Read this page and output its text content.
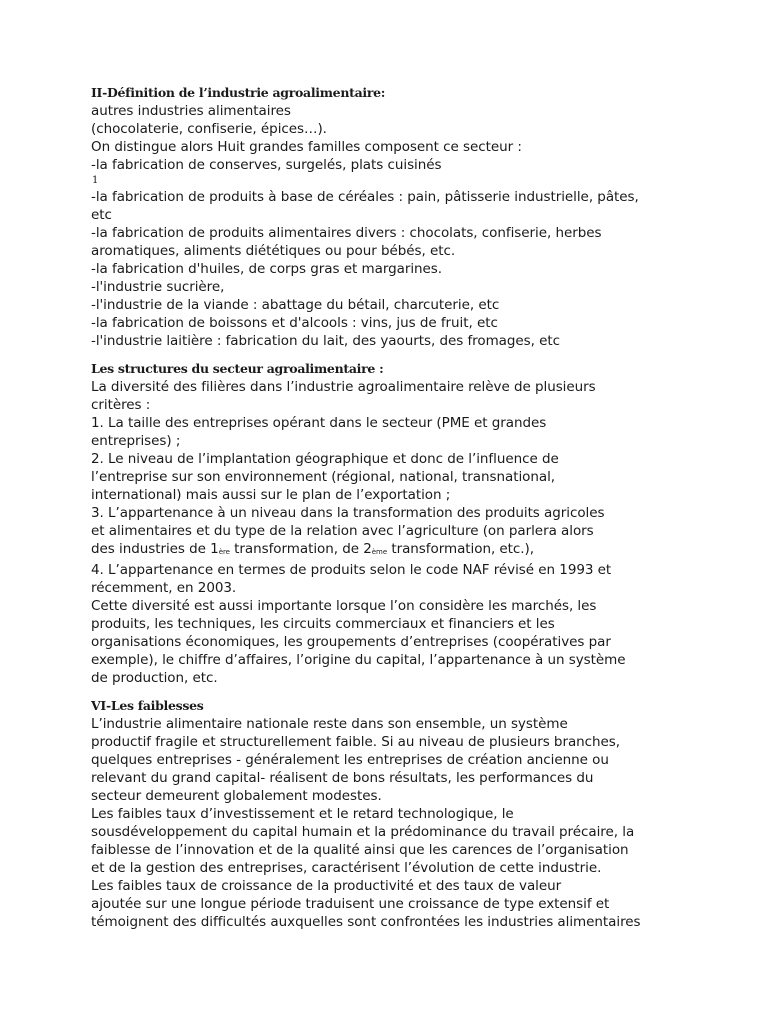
II-Définition de l’industrie agroalimentaire:
autres industries alimentaires
(chocolaterie, confiserie, épices…).
On distingue alors Huit grandes familles composent ce secteur :
-la fabrication de conserves, surgelés, plats cuisinés
1
-la fabrication de produits à base de céréales : pain, pâtisserie industrielle, pâtes,
etc
-la fabrication de produits alimentaires divers : chocolats, confiserie, herbes
aromatiques, aliments diététiques ou pour bébés, etc.
-la fabrication d'huiles, de corps gras et margarines.
-l'industrie sucrière,
-l'industrie de la viande : abattage du bétail, charcuterie, etc
-la fabrication de boissons et d'alcools : vins, jus de fruit, etc
-l'industrie laitière : fabrication du lait, des yaourts, des fromages, etc
Les structures du secteur agroalimentaire :
La diversité des filières dans l’industrie agroalimentaire relève de plusieurs
critères :
1. La taille des entreprises opérant dans le secteur (PME et grandes
entreprises) ;
2. Le niveau de l’implantation géographique et donc de l’influence de
l’entreprise sur son environnement (régional, national, transnational,
international) mais aussi sur le plan de l’exportation ;
3. L’appartenance à un niveau dans la transformation des produits agricoles
et alimentaires et du type de la relation avec l’agriculture (on parlera alors
des industries de 1ère transformation, de 2ème transformation, etc.),
4. L’appartenance en termes de produits selon le code NAF révisé en 1993 et
récemment, en 2003.
Cette diversité est aussi importante lorsque l’on considère les marchés, les
produits, les techniques, les circuits commerciaux et financiers et les
organisations économiques, les groupements d’entreprises (coopératives par
exemple), le chiffre d’affaires, l’origine du capital, l’appartenance à un système
de production, etc.
VI-Les faiblesses
L’industrie alimentaire nationale reste dans son ensemble, un système
productif fragile et structurellement faible. Si au niveau de plusieurs branches,
quelques entreprises - généralement les entreprises de création ancienne ou
relevant du grand capital- réalisent de bons résultats, les performances du
secteur demeurent globalement modestes.
Les faibles taux d’investissement et le retard technologique, le
sousdéveloppement du capital humain et la prédominance du travail précaire, la
faiblesse de l’innovation et de la qualité ainsi que les carences de l’organisation
et de la gestion des entreprises, caractérisent l’évolution de cette industrie.
Les faibles taux de croissance de la productivité et des taux de valeur
ajoutée sur une longue période traduisent une croissance de type extensif et
témoignent des difficultés auxquelles sont confrontées les industries alimentaires
